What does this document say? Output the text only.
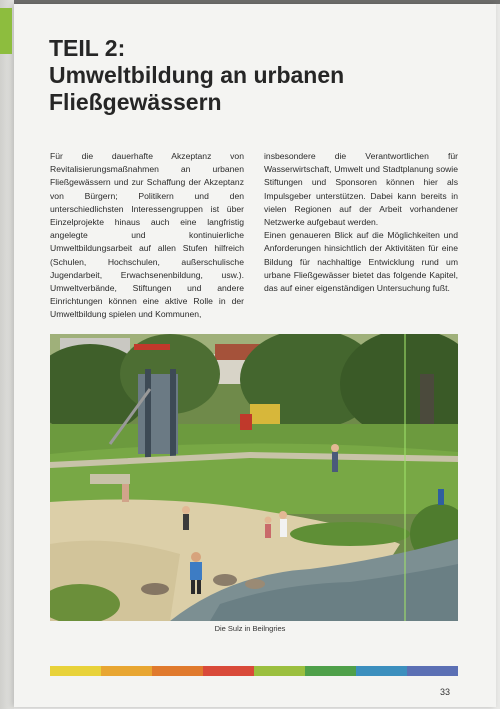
TEIL 2:
Umweltbildung an urbanen
Fließgewässern

Für die dauerhafte Akzeptanz von Revitalisierungsmaßnahmen an urbanen Fließgewässern und zur Schaffung der Akzeptanz von Bürgern; Politikern und den unterschiedlichsten Interessengruppen ist über Einzelprojekte hinaus auch eine langfristig angelegte und kontinuierliche Umweltbildungsarbeit auf allen Stufen hilfreich (Schulen, Hochschulen, außerschulische Jugendarbeit, Erwachsenenbildung, usw.). Umweltverbände, Stiftungen und andere Einrichtungen können eine aktive Rolle in der Umweltbildung spielen und Kommunen,

insbesondere die Verantwortlichen für Wasserwirtschaft, Umwelt und Stadtplanung sowie Stiftungen und Sponsoren können hier als Impulsgeber unterstützen. Dabei kann bereits in vielen Regionen auf der Arbeit vorhandener Netzwerke aufgebaut werden.

Einen genaueren Blick auf die Möglichkeiten und Anforderungen hinsichtlich der Aktivitäten für eine Bildung für nachhaltige Entwicklung rund um urbane Fließgewässer bietet das folgende Kapitel, das auf einer eigenständigen Untersuchung fußt.

Die Sulz in Beilngries
33
